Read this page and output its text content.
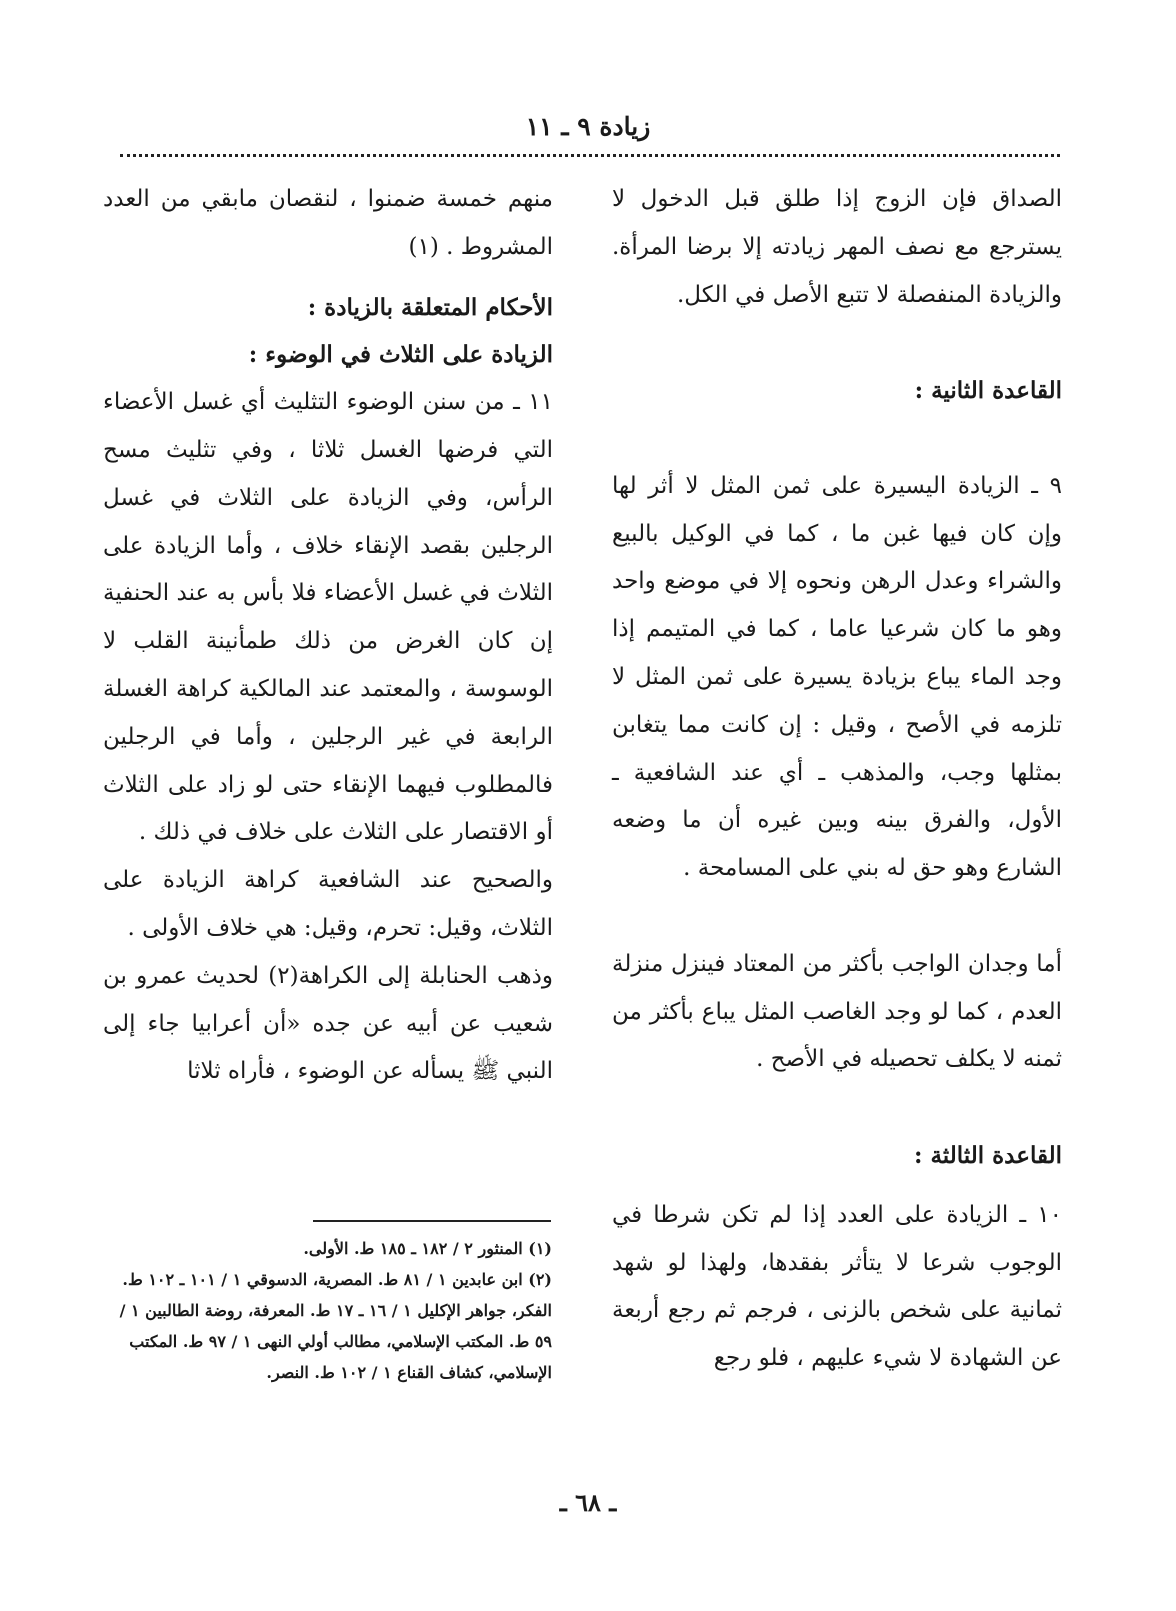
زيادة ٩ ـ ١١

الصداق فإن الزوج إذا طلق قبل الدخول لا يسترجع مع نصف المهر زيادته إلا برضا المرأة. والزيادة المنفصلة لا تتبع الأصل في الكل.

القاعدة الثانية :

٩ ـ الزيادة اليسيرة على ثمن المثل لا أثر لها وإن كان فيها غبن ما ، كما في الوكيل بالبيع والشراء وعدل الرهن ونحوه إلا في موضع واحد وهو ما كان شرعيا عاما ، كما في المتيمم إذا وجد الماء يباع بزيادة يسيرة على ثمن المثل لا تلزمه في الأصح ، وقيل : إن كانت مما يتغابن بمثلها وجب، والمذهب ـ أي عند الشافعية ـ الأول، والفرق بينه وبين غيره أن ما وضعه الشارع وهو حق له بني على المسامحة .

أما وجدان الواجب بأكثر من المعتاد فينزل منزلة العدم ، كما لو وجد الغاصب المثل يباع بأكثر من ثمنه لا يكلف تحصيله في الأصح .

القاعدة الثالثة :

١٠ ـ الزيادة على العدد إذا لم تكن شرطا في الوجوب شرعا لا يتأثر بفقدها، ولهذا لو شهد ثمانية على شخص بالزنى ، فرجم ثم رجع أربعة عن الشهادة لا شيء عليهم ، فلو رجع

منهم خمسة ضمنوا ، لنقصان مابقي من العدد المشروط . (١)

الأحكام المتعلقة بالزيادة :

الزيادة على الثلاث في الوضوء :

١١ ـ من سنن الوضوء التثليث أي غسل الأعضاء التي فرضها الغسل ثلاثا ، وفي تثليث مسح الرأس، وفي الزيادة على الثلاث في غسل الرجلين بقصد الإنقاء خلاف ، وأما الزيادة على الثلاث في غسل الأعضاء فلا بأس به عند الحنفية إن كان الغرض من ذلك طمأنينة القلب لا الوسوسة ، والمعتمد عند المالكية كراهة الغسلة الرابعة في غير الرجلين ، وأما في الرجلين فالمطلوب فيهما الإنقاء حتى لو زاد على الثلاث أو الاقتصار على الثلاث على خلاف في ذلك .

والصحيح عند الشافعية كراهة الزيادة على الثلاث، وقيل: تحرم، وقيل: هي خلاف الأولى .

وذهب الحنابلة إلى الكراهة(٢) لحديث عمرو بن شعيب عن أبيه عن جده «أن أعرابيا جاء إلى النبي ﷺ يسأله عن الوضوء ، فأراه ثلاثا

(١) المنثور ٢ / ١٨٢ ـ ١٨٥ ط. الأولى.

(٢) ابن عابدين ١ / ٨١ ط. المصرية، الدسوقي ١ / ١٠١ ـ ١٠٢ ط. الفكر، جواهر الإكليل ١ / ١٦ ـ ١٧ ط. المعرفة، روضة الطالبين ١ / ٥٩ ط. المكتب الإسلامي، مطالب أولي النهى ١ / ٩٧ ط. المكتب الإسلامي، كشاف القناع ١ / ١٠٢ ط. النصر.

ـ ٦٨ ـ
